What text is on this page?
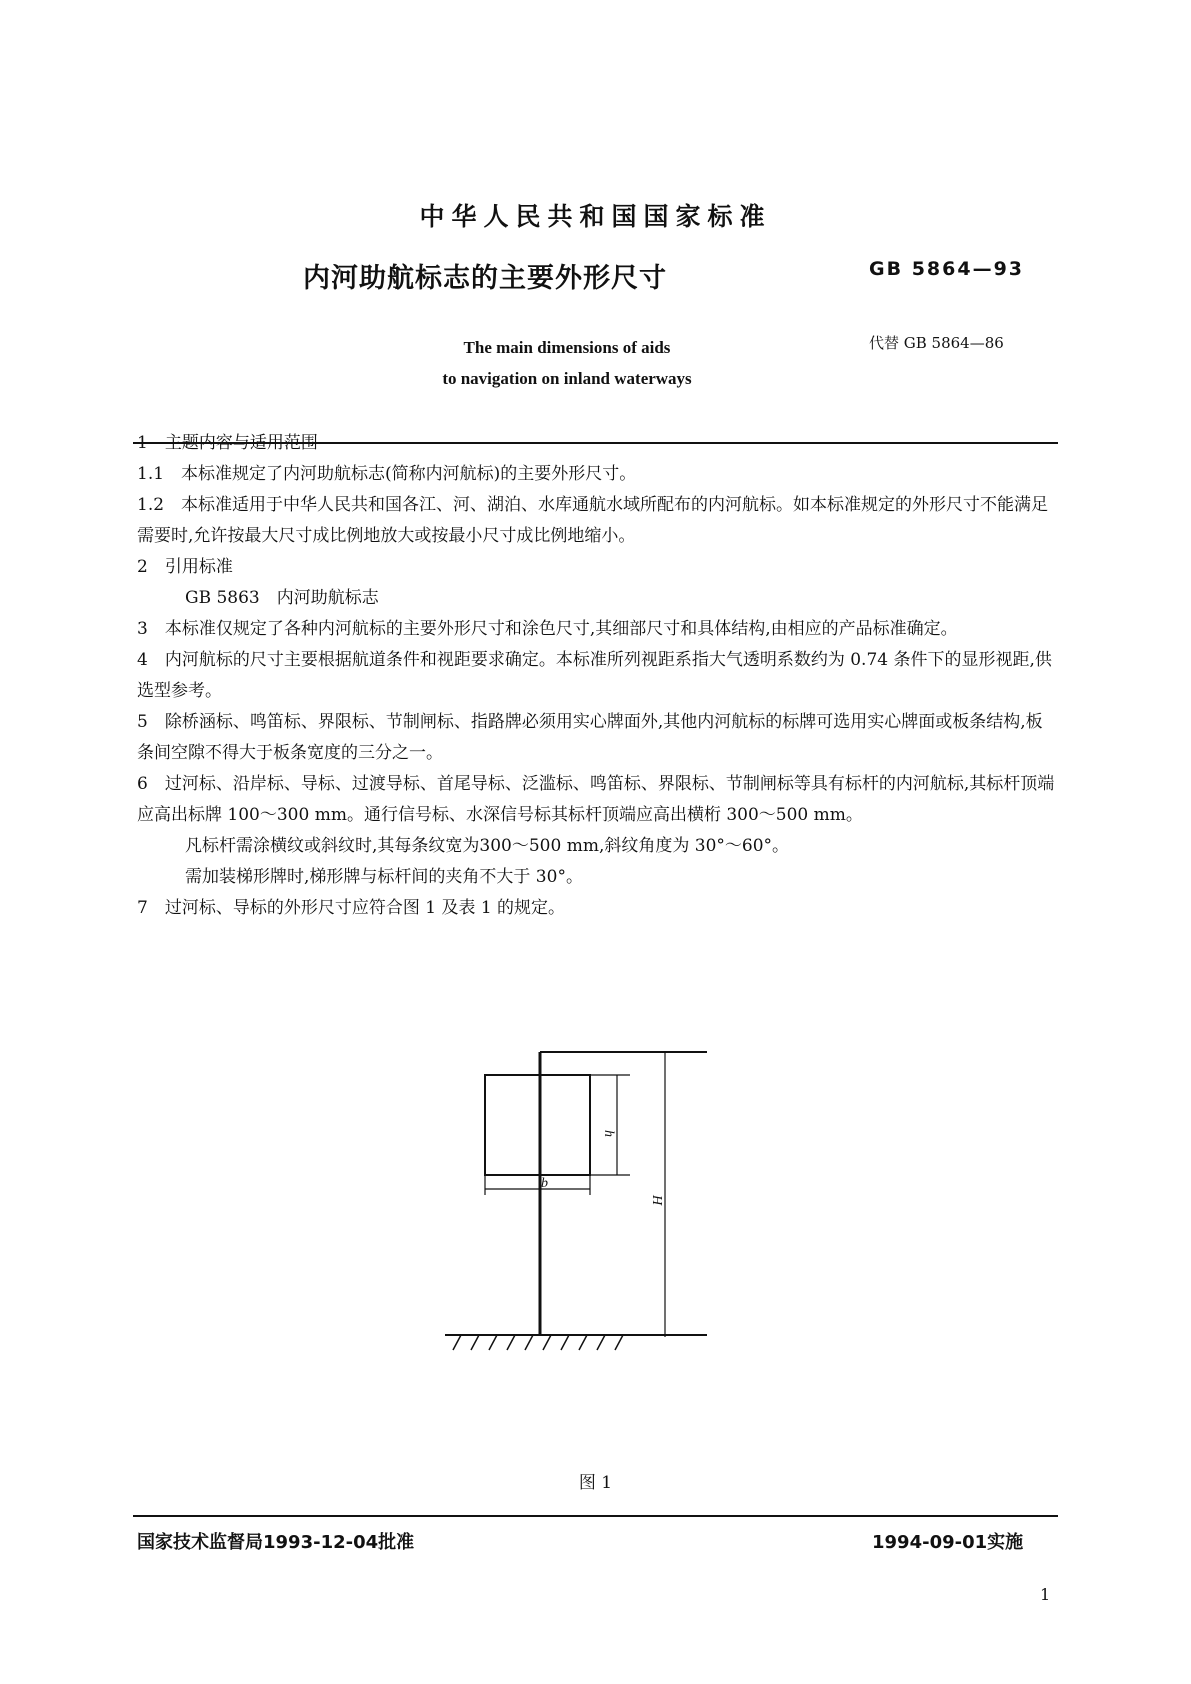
中华人民共和国国家标准
内河助航标志的主要外形尺寸	GB 5864—93
The main dimensions of aids
to navigation on inland waterways
代替 GB 5864—86

1　主题内容与适用范围

1.1　本标准规定了内河助航标志(简称内河航标)的主要外形尺寸。

1.2　本标准适用于中华人民共和国各江、河、湖泊、水库通航水域所配布的内河航标。如本标准规定的外形尺寸不能满足需要时,允许按最大尺寸成比例地放大或按最小尺寸成比例地缩小。

2　引用标准

GB 5863　内河助航标志

3　本标准仅规定了各种内河航标的主要外形尺寸和涂色尺寸,其细部尺寸和具体结构,由相应的产品标准确定。

4　内河航标的尺寸主要根据航道条件和视距要求确定。本标准所列视距系指大气透明系数约为 0.74 条件下的显形视距,供选型参考。

5　除桥涵标、鸣笛标、界限标、节制闸标、指路牌必须用实心牌面外,其他内河航标的标牌可选用实心牌面或板条结构,板条间空隙不得大于板条宽度的三分之一。

6　过河标、沿岸标、导标、过渡导标、首尾导标、泛滥标、鸣笛标、界限标、节制闸标等具有标杆的内河航标,其标杆顶端应高出标牌 100～300 mm。通行信号标、水深信号标其标杆顶端应高出横桁 300～500 mm。

凡标杆需涂横纹或斜纹时,其每条纹宽为300～500 mm,斜纹角度为 30°～60°。

需加装梯形牌时,梯形牌与标杆间的夹角不大于 30°。

7　过河标、导标的外形尺寸应符合图 1 及表 1 的规定。

h
b
H
图 1
国家技术监督局1993-12-04批准	1994-09-01实施
1
